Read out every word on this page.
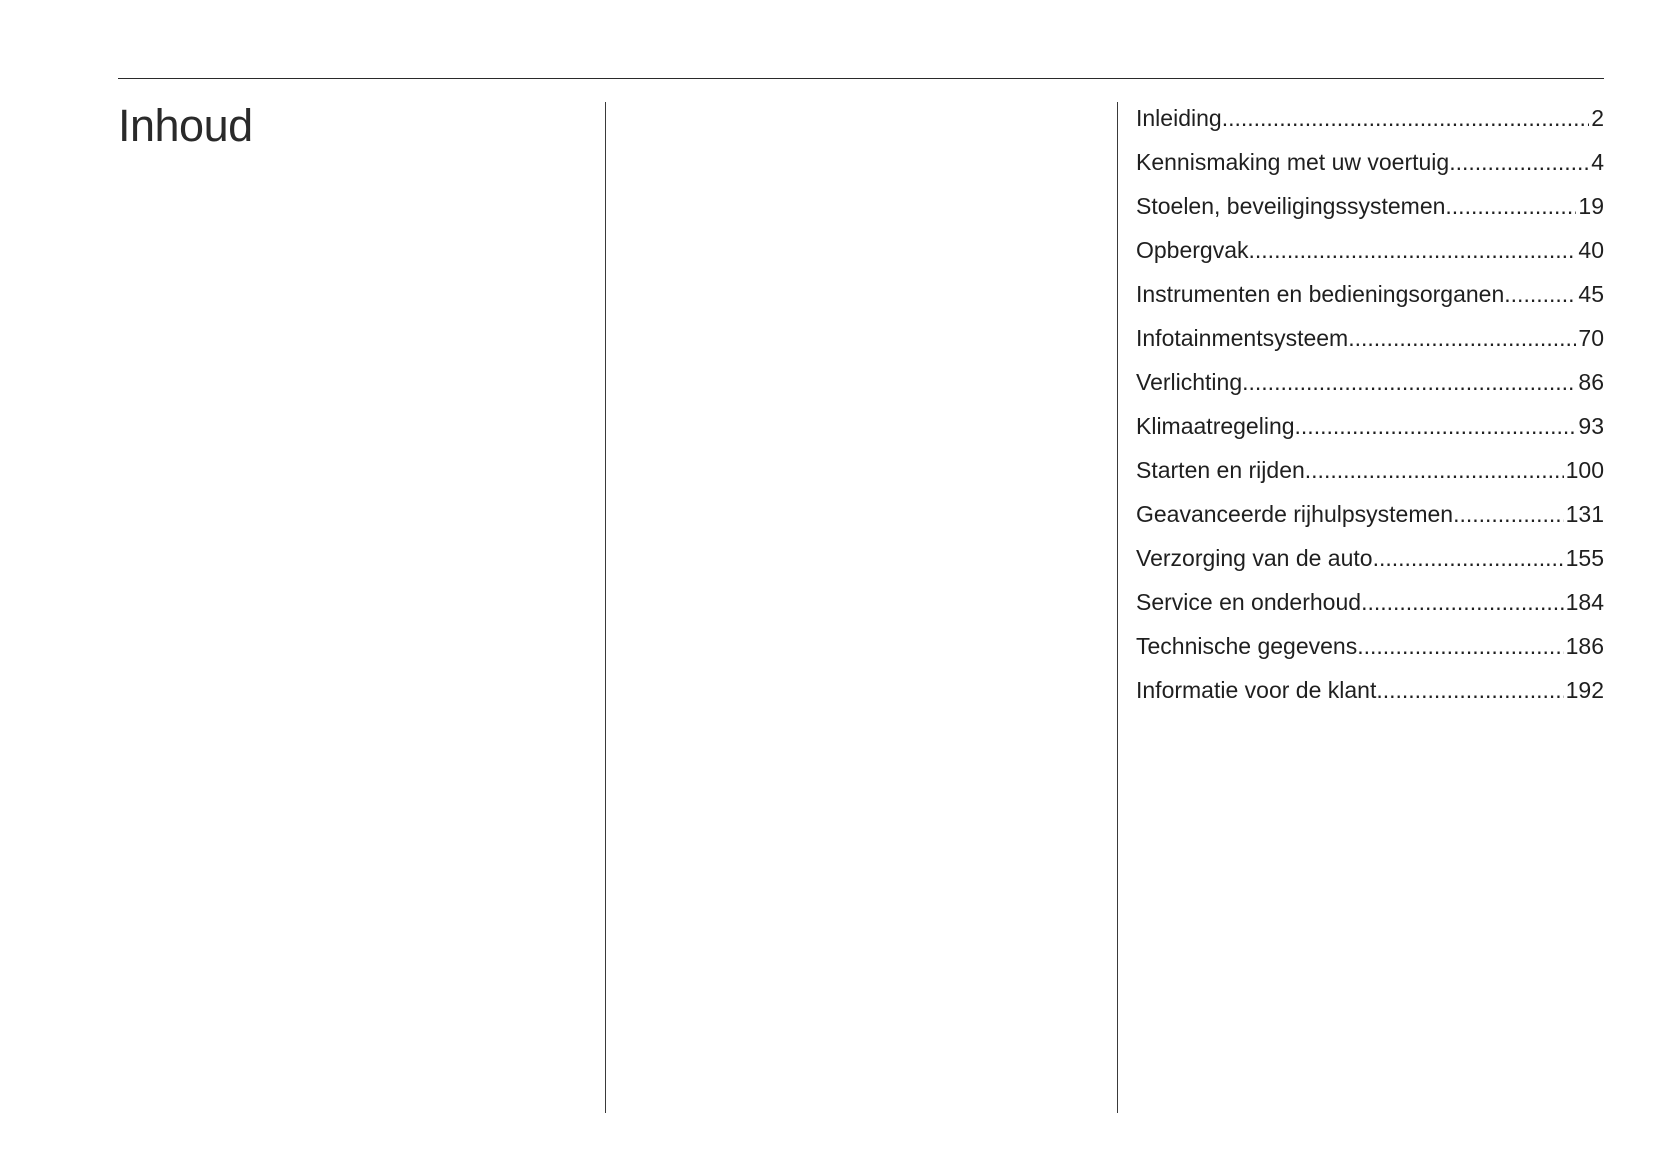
Inhoud	Inleiding .....	2
Kennismaking met uw voertuig .....	4
Stoelen, beveiligingssystemen .....	19
Opbergvak .....	40
Instrumenten en bedieningsorganen .....	45
Infotainmentsysteem .....	70
Verlichting .....	86
Klimaatregeling .....	93
Starten en rijden .....	100
Geavanceerde rijhulpsystemen .....	131
Verzorging van de auto .....	155
Service en onderhoud .....	184
Technische gegevens .....	186
Informatie voor de klant .....	192
